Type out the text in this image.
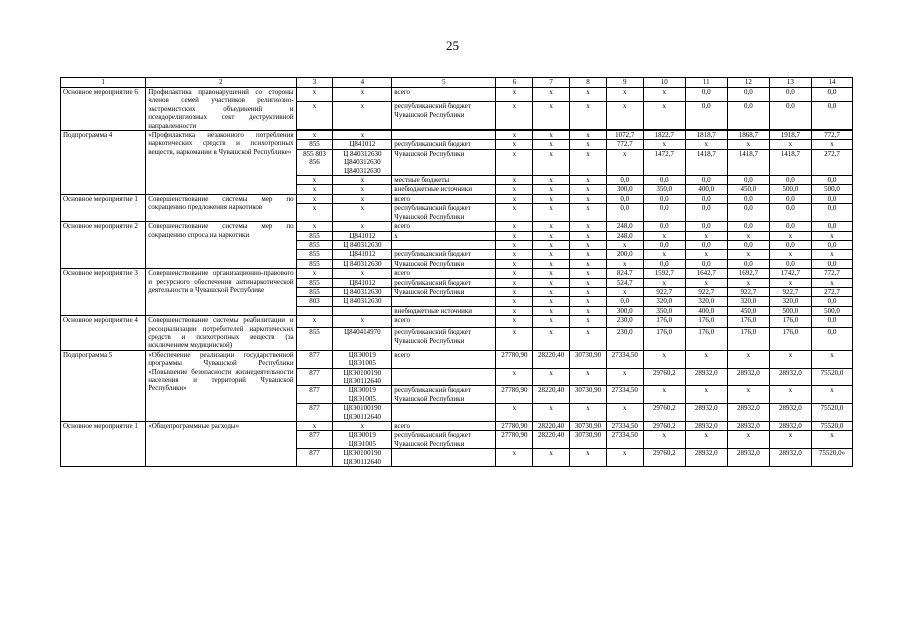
25
1	2	3	4	5	6	7	8	9	10	11	12	13	14
Основное мероприятие 6	Профилактика правонарушений со стороны членов семей участников религиозно-экстремистских объединений и псевдорелигиозных сект деструктивной направленности	х	х	всего	х	х	х	х	х	0,0	0,0	0,0	0,0
		х	х	республиканский бюджет Чувашской Республики	х	х	х	х	х	0,0	0,0	0,0	0,0

Подпрограмма 4	«Профилактика незаконного потребления наркотических средств и психотропных веществ, наркомании в Чувашской Республике»	х	х		х	х	х	1072,7	1822,7	1818,7	1868,7	1918,7	772,7
		855	Ц841012	республиканский бюджет	х	х	х	772,7	х	х	х	х	х
		855 803 856	Ц 840312630 Ц840312630 Ц840312630	Чувашской Республики	х	х	х	х	1472,7	1418,7	1418,7	1418,7	272,7
		х	х	местные бюджеты	х	х	х	0,0	0,0	0,0	0,0	0,0	0,0
		х	х	внебюджетные источники	х	х	х	300,0	350,0	400,0	450,0	500,0	500,0
Основное мероприятие 1	Совершенствование системы мер по сокращению предложения наркотиков	х	х	всего	х	х	х	0,0	0,0	0,0	0,0	0,0	0,0
		х	х	республиканский бюджет Чувашской Республики	х	х	х	0,0	0,0	0,0	0,0	0,0	0,0
Основное мероприятие 2	Совершенствование системы мер по сокращению спроса на наркотики	х	х	всего	х	х	х	248,0	0,0	0,0	0,0	0,0	0,0
		855	Ц841012	х	х	х	х	248,0	х	х	х	х	х
		855	Ц 840312630		х	х	х	х	0,0	0,0	0,0	0,0	0,0
		855	Ц841012	республиканский бюджет	х	х	х	200,0	х	х	х	х	х
		855	Ц 840312630	Чувашской Республики	х	х	х	х	0,0	0,0	0,0	0,0	0,0
Основное мероприятие 3	Совершенствование организационно-правового и ресурсного обеспечения антинаркотической деятельности в Чувашской Республике	х	х	всего	х	х	х	824,7	1592,7	1642,7	1692,7	1742,7	772,7
		855	Ц841012	республиканский бюджет	х	х	х	524,7	х	х	х	х	х
		855	Ц 840312630	Чувашской Республики	х	х	х	х	922,7	922,7	922,7	922,7	272,7
		803	Ц 840312630		х	х	х	0,0	320,0	320,0	320,0	320,0	0,0
				внебюджетные источники	х	х	х	300,0	350,0	400,0	450,0	500,0	500,0
Основное мероприятие 4	Совершенствование системы реабилитации и ресоциализации потребителей наркотических средств и психотропных веществ (за исключением медицинской)	х	х	всего	х	х	х	230,0	176,0	176,0	176,0	176,0	0,0
		855	Ц840414970	республиканский бюджет Чувашской Республики	х	х	х	230,0	176,0	176,0	176,0	176,0	0,0
Подпрограмма 5	«Обеспечение реализации государственной программы Чувашской Республики «Повышение безопасности жизнедеятельности населения и территорий Чувашской Республики»	877	Ц8Э0019 Ц8Э1005	всего	27780,90	28220,40	30730,90	27334,50	х	х	х	х	х
		877	Ц8Э0100190 Ц8Э0112640		х	х	х	х	29760,2	28932,0	28932,0	28932,0	75520,0
		877	Ц8Э0019 Ц8Э1005	республиканский бюджет Чувашской Республики	27780,90	28220,40	30730,90	27334,50	х	х	х	х	х
		877	Ц8Э0100190 Ц8Э0112640		х	х	х	х	29760,2	28932,0	28932,0	28932,0	75520,0
Основное мероприятие 1	«Общепрограммные расходы»	х	х	всего	27780,90	28220,40	30730,90	27334,50	29760,2	28932,0	28932,0	28932,0	75520,0
		877	Ц8Э0019 Ц8Э1005	республиканский бюджет Чувашской Республики	27780,90	28220,40	30730,90	27334,50	х	х	х	х	х
		877	Ц8Э0100190 Ц8Э0112640		х	х	х	х	29760,2	28932,0	28932,0	28932,0	75520,0»
